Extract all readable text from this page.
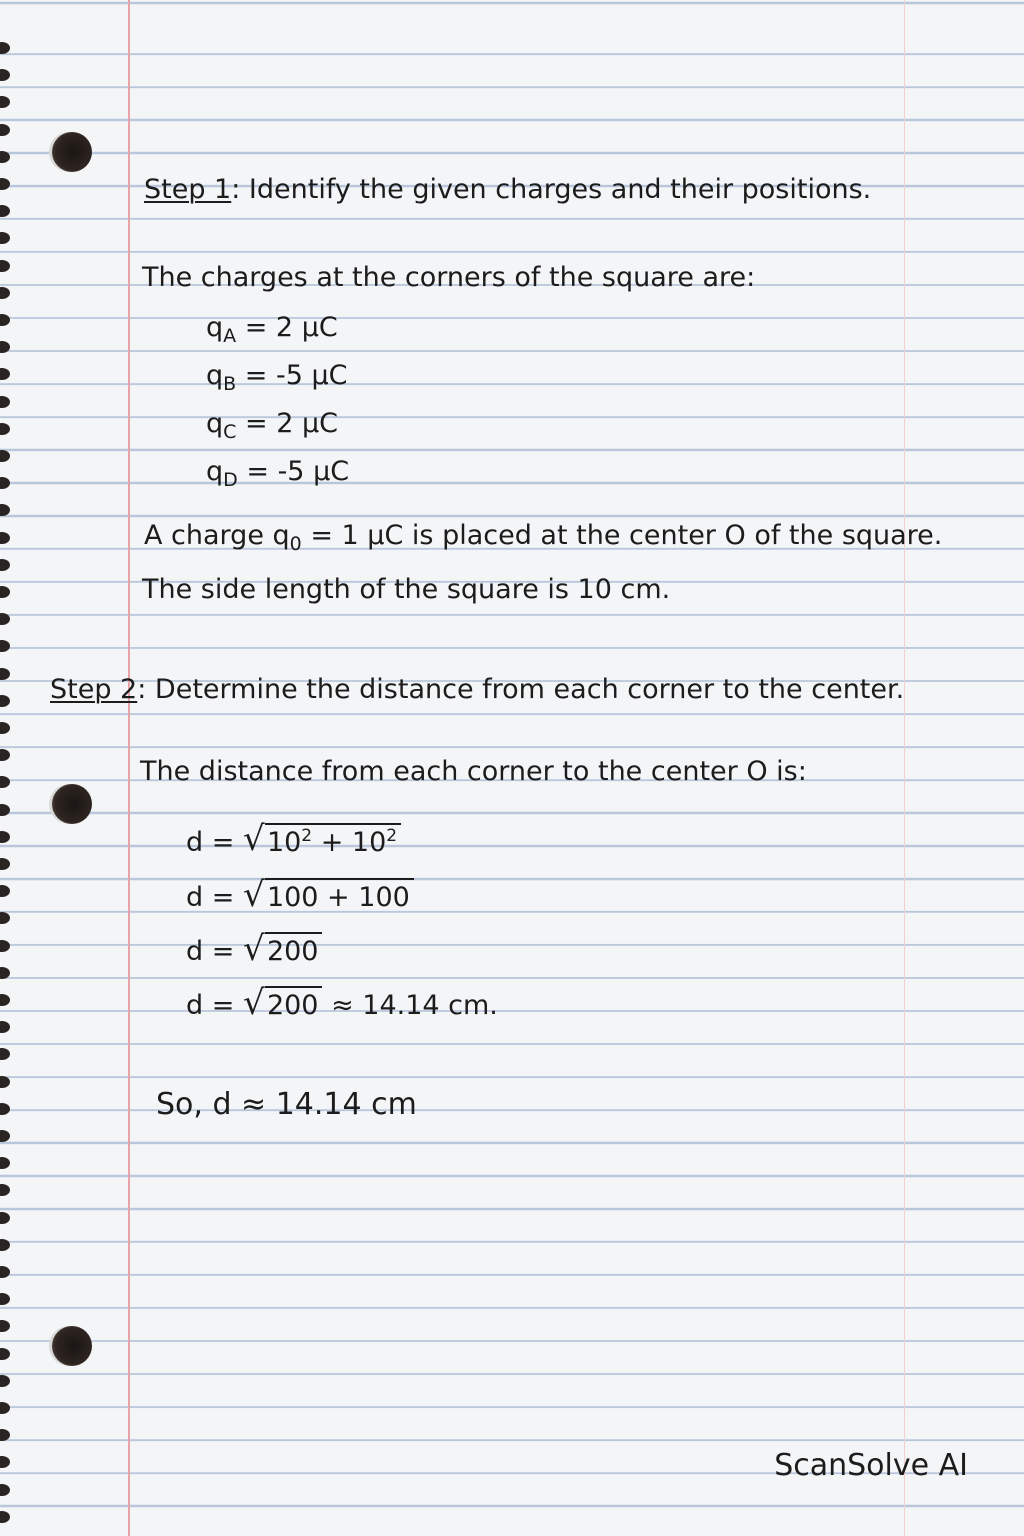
Step 1: Identify the given charges and their positions.
The charges at the corners of the square are:
$q_A = 2$ μC
$q_B = -5$ μC
$q_C = 2$ μC
$q_D = -5$ μC
A charge $q_0 = 1$ μC is placed at the center O of the square.
The side length of the square is 10 cm.
Step 2: Determine the distance from each corner to the center.
The distance from each corner to the center O is:
d = √ $10^2 + 10^2$
d = √ 100 + 100
d = √ 200
d = √ 200 ≈ 14.14 cm.
So, d ≈ 14.14 cm
ScanSolve AI
